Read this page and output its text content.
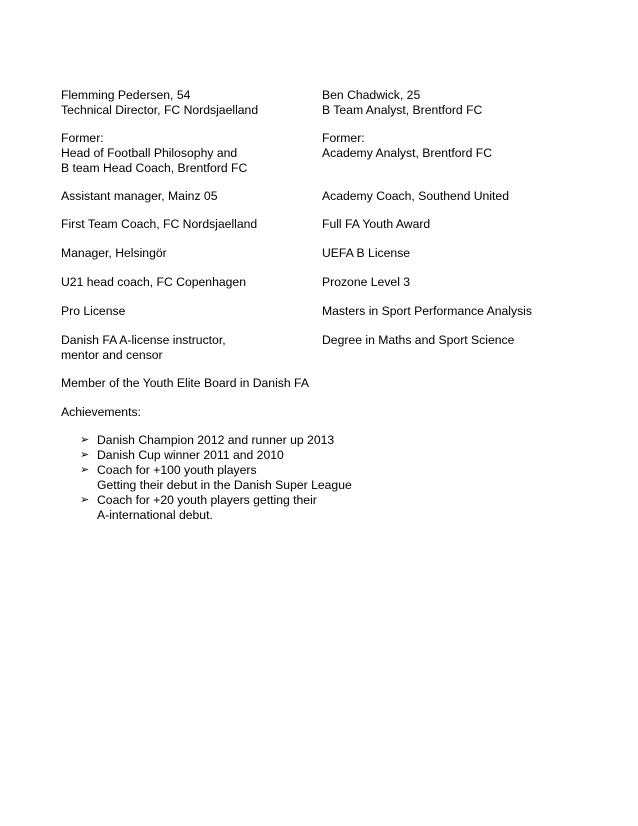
Flemming Pedersen, 54
Technical Director, FC Nordsjaelland
Former:
Head of Football Philosophy and
B team Head Coach, Brentford FC
Assistant manager, Mainz 05
First Team Coach, FC Nordsjaelland
Manager, Helsingör
U21 head coach, FC Copenhagen
Pro License
Danish FA A-license instructor,
mentor and censor
Member of the Youth Elite Board in Danish FA
Achievements:
➢ Danish Champion 2012 and runner up 2013
➢ Danish Cup winner 2011 and 2010
➢ Coach for +100 youth players
Getting their debut in the Danish Super League
➢ Coach for +20 youth players getting their
A-international debut.
Ben Chadwick, 25
B Team Analyst, Brentford FC
Former:
Academy Analyst, Brentford FC
Academy Coach, Southend United
Full FA Youth Award
UEFA B License
Prozone Level 3
Masters in Sport Performance Analysis
Degree in Maths and Sport Science
